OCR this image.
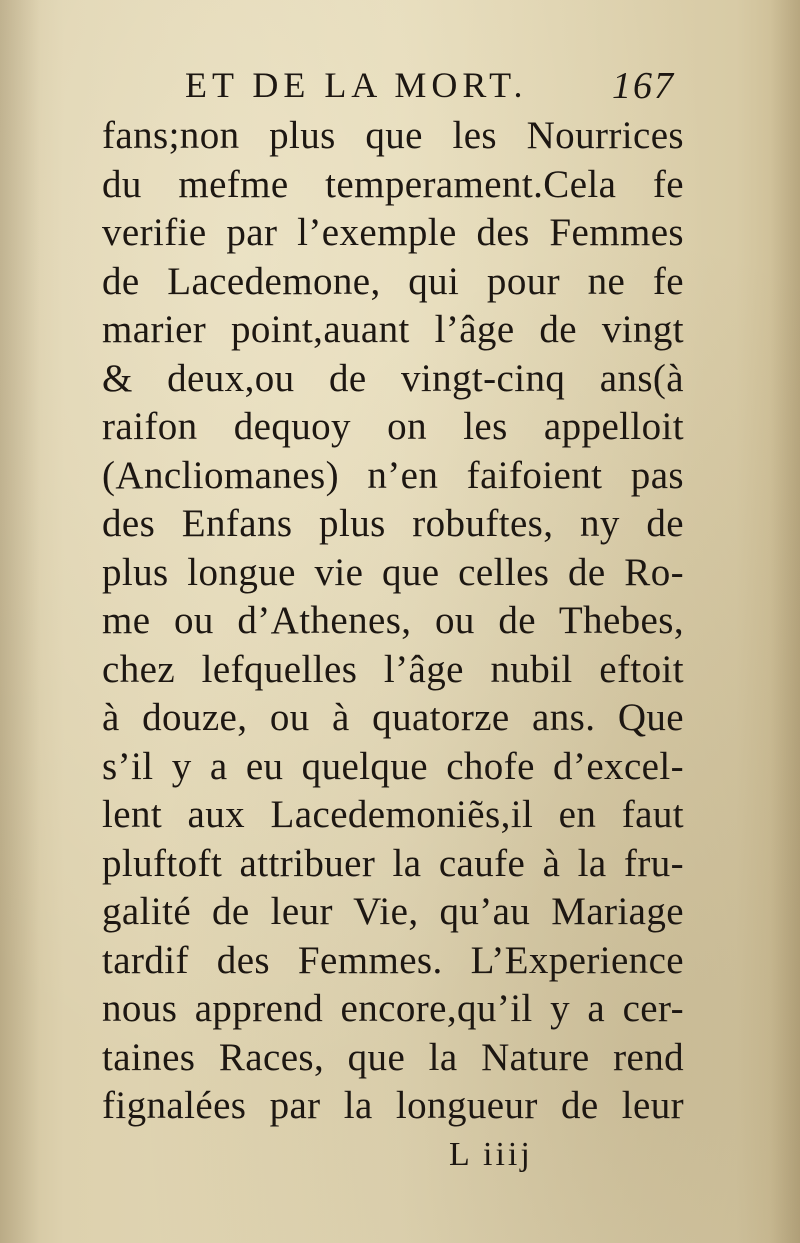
ET DE LA MORT. 167
fans;non plus que les Nourrices
du mefme temperament.Cela fe
verifie par l’exemple des Femmes
de Lacedemone, qui pour ne fe
marier point,auant l’âge de vingt
& deux,ou de vingt-cinq ans(à
raifon dequoy on les appelloit
(Ancliomanes) n’en faifoient pas
des Enfans plus robuftes, ny de
plus longue vie que celles de Ro-
me ou d’Athenes, ou de Thebes,
chez lefquelles l’âge nubil eftoit
à douze, ou à quatorze ans. Que
s’il y a eu quelque chofe d’excel-
lent aux Lacedemoniẽs,il en faut
pluftoft attribuer la caufe à la fru-
galité de leur Vie, qu’au Mariage
tardif des Femmes. L’Experience
nous apprend encore,qu’il y a cer-
taines Races, que la Nature rend
fignalées par la longueur de leur
L iiij
